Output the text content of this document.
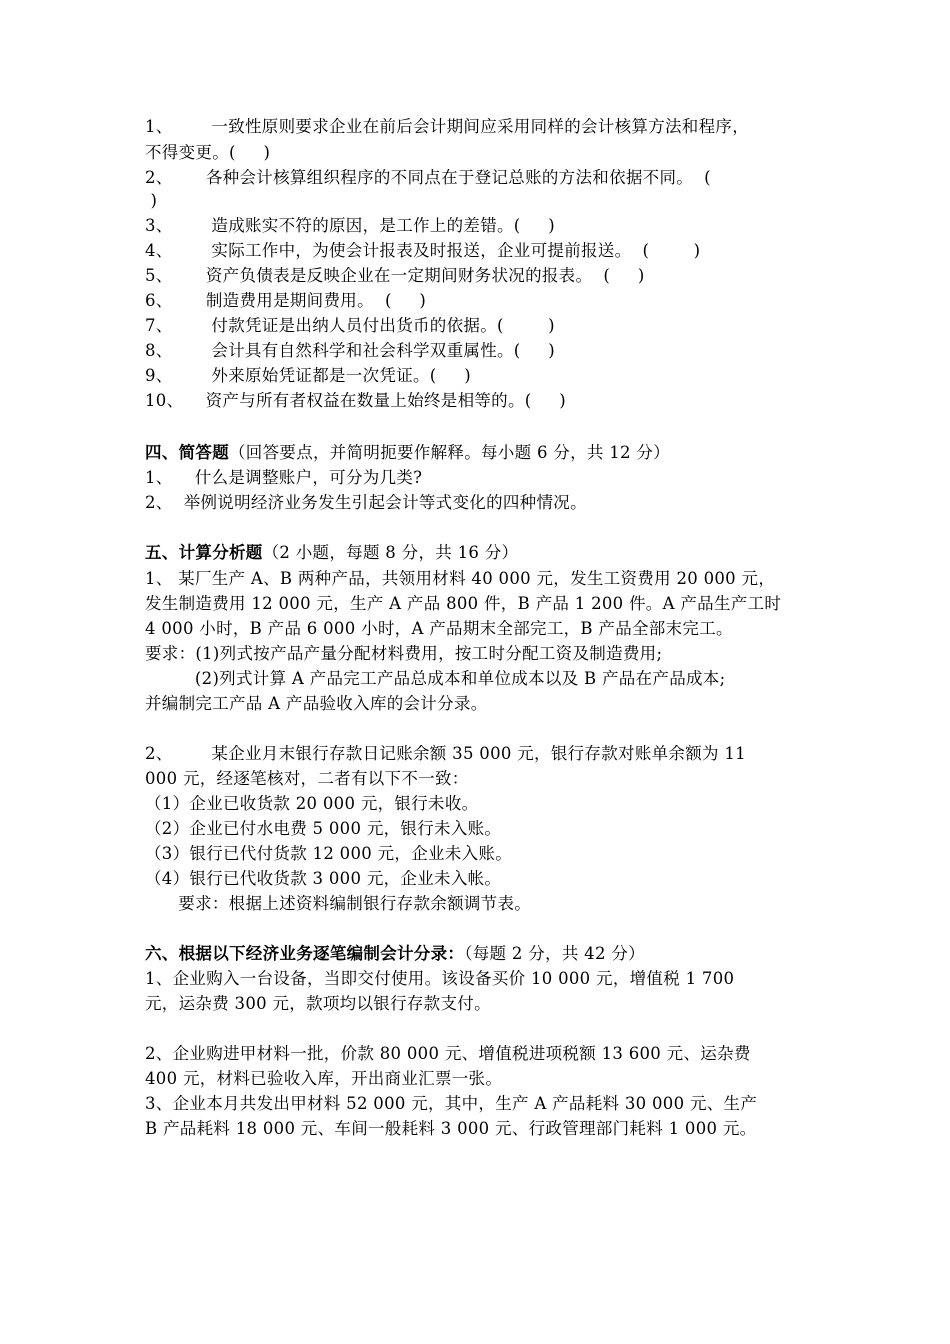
1、       一致性原则要求企业在前后会计期间应采用同样的会计核算方法和程序，
不得变更。(     )
2、      各种会计核算组织程序的不同点在于登记总账的方法和依据不同。  (
)
3、       造成账实不符的原因，是工作上的差错。(     )
4、       实际工作中，为使会计报表及时报送，企业可提前报送。  (        )
5、      资产负债表是反映企业在一定期间财务状况的报表。  (     )
6、      制造费用是期间费用。  (     )
7、       付款凭证是出纳人员付出货币的依据。(        )
8、       会计具有自然科学和社会科学双重属性。(     )
9、       外来原始凭证都是一次凭证。(     )
10、    资产与所有者权益在数量上始终是相等的。(     )
四、简答题（回答要点，并简明扼要作解释。每小题 6 分，共 12 分）
1、    什么是调整账户，可分为几类?
2、  举例说明经济业务发生引起会计等式变化的四种情况。
五、计算分析题（2 小题，每题 8 分，共 16 分）
1、 某厂生产 A、B 两种产品，共领用材料 40 000 元，发生工资费用 20 000 元，
发生制造费用 12 000 元，生产 A 产品 800 件，B 产品 1 200 件。A 产品生产工时
4 000 小时，B 产品 6 000 小时，A 产品期末全部完工，B 产品全部末完工。
要求：(1)列式按产品产量分配材料费用，按工时分配工资及制造费用;
(2)列式计算 A 产品完工产品总成本和单位成本以及 B 产品在产品成本;
并编制完工产品 A 产品验收入库的会计分录。
2、       某企业月末银行存款日记账余额 35 000 元，银行存款对账单余额为 11
000 元，经逐笔核对，二者有以下不一致：
（1）企业已收货款 20 000 元，银行未收。
（2）企业已付水电费 5 000 元，银行未入账。
（3）银行已代付货款 12 000 元，企业未入账。
（4）银行已代收货款 3 000 元，企业未入帐。
要求：根据上述资料编制银行存款余额调节表。
六、根据以下经济业务逐笔编制会计分录：（每题 2 分，共 42 分）
1、企业购入一台设备，当即交付使用。该设备买价 10 000 元，增值税 1 700
元，运杂费 300 元，款项均以银行存款支付。
2、企业购进甲材料一批，价款 80 000 元、增值税进项税额 13 600 元、运杂费
400 元，材料已验收入库，开出商业汇票一张。
3、企业本月共发出甲材料 52 000 元，其中，生产 A 产品耗料 30 000 元、生产
B 产品耗料 18 000 元、车间一般耗料 3 000 元、行政管理部门耗料 1 000 元。
